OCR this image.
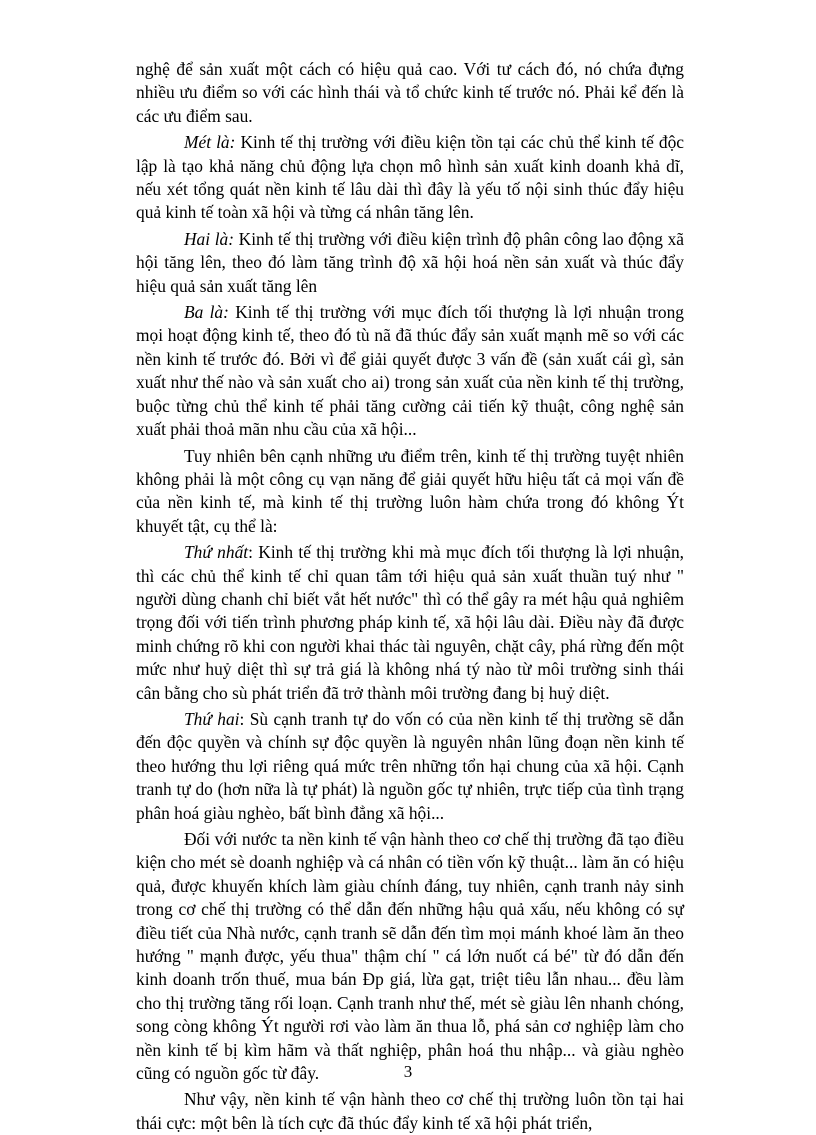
nghệ để sản xuất một cách có hiệu quả cao. Với tư cách đó, nó chứa đựng nhiều ưu điểm so với các hình thái và tổ chức kinh tế trước nó. Phải kể đến là các ưu điểm sau.

Mét là: Kinh tế thị trường với điều kiện tồn tại các chủ thể kinh tế độc lập là tạo khả năng chủ động lựa chọn mô hình sản xuất kinh doanh khả dĩ, nếu xét tổng quát nền kinh tế lâu dài thì đây là yếu tố nội sinh thúc đẩy hiệu quả kinh tế toàn xã hội và từng cá nhân tăng lên.

Hai là: Kinh tế thị trường với điều kiện trình độ phân công lao động xã hội tăng lên, theo đó làm tăng trình độ xã hội hoá nền sản xuất và thúc đẩy hiệu quả sản xuất tăng lên

Ba là: Kinh tế thị trường với mục đích tối thượng là lợi nhuận trong mọi hoạt động kinh tế, theo đó tù nã đã thúc đẩy sản xuất mạnh mẽ so với các nền kinh tế trước đó. Bởi vì để giải quyết được 3 vấn đề (sản xuất cái gì, sản xuất như thế nào và sản xuất cho ai) trong sản xuất của nền kinh tế thị trường, buộc từng chủ thể kinh tế phải tăng cường cải tiến kỹ thuật, công nghệ sản xuất phải thoả mãn nhu cầu của xã hội...

Tuy nhiên bên cạnh những ưu điểm trên, kinh tế thị trường tuyệt nhiên không phải là một công cụ vạn năng để giải quyết hữu hiệu tất cả mọi vấn đề của nền kinh tế, mà kinh tế thị trường luôn hàm chứa trong đó không Ýt khuyết tật, cụ thể là:

Thứ nhất: Kinh tế thị trường khi mà mục đích tối thượng là lợi nhuận, thì các chủ thể kinh tế chỉ quan tâm tới hiệu quả sản xuất thuần tuý như " người dùng chanh chỉ biết vắt hết nước" thì có thể gây ra mét hậu quả nghiêm trọng đối với tiến trình phương pháp kinh tế, xã hội lâu dài. Điều này đã được minh chứng rõ khi con người khai thác tài nguyên, chặt cây, phá rừng đến một mức như huỷ diệt thì sự trả giá là không nhá tý nào từ môi trường sinh thái cân bằng cho sù phát triển đã trở thành môi trường đang bị huỷ diệt.

Thứ hai: Sù cạnh tranh tự do vốn có của nền kinh tế thị trường sẽ dẫn đến độc quyền và chính sự độc quyền là nguyên nhân lũng đoạn nền kinh tế theo hướng thu lợi riêng quá mức trên những tổn hại chung của xã hội. Cạnh tranh tự do (hơn nữa là tự phát) là nguồn gốc tự nhiên, trực tiếp của tình trạng phân hoá giàu nghèo, bất bình đẳng xã hội...

Đối với nước ta nền kinh tế vận hành theo cơ chế thị trường đã tạo điều kiện cho mét sè doanh nghiệp và cá nhân có tiền vốn kỹ thuật... làm ăn có hiệu quả, được khuyến khích làm giàu chính đáng, tuy nhiên, cạnh tranh nảy sinh trong cơ chế thị trường có thể dẫn đến những hậu quả xấu, nếu không có sự điều tiết của Nhà nước, cạnh tranh sẽ dẫn đến tìm mọi mánh khoé làm ăn theo hướng " mạnh được, yếu thua" thậm chí " cá lớn nuốt cá bé" từ đó dẫn đến kinh doanh trốn thuế, mua bán Ðp giá, lừa gạt, triệt tiêu lẫn nhau... đều làm cho thị trường tăng rối loạn. Cạnh tranh như thế, mét sè giàu lên nhanh chóng, song còng không Ýt người rơi vào làm ăn thua lỗ, phá sản cơ nghiệp làm cho nền kinh tế bị kìm hãm và thất nghiệp, phân hoá thu nhập... và giàu nghèo cũng có nguồn gốc từ đây.

Như vậy, nền kinh tế vận hành theo cơ chế thị trường luôn tồn tại hai thái cực: một bên là tích cực đã thúc đẩy kinh tế xã hội phát triển,

3
